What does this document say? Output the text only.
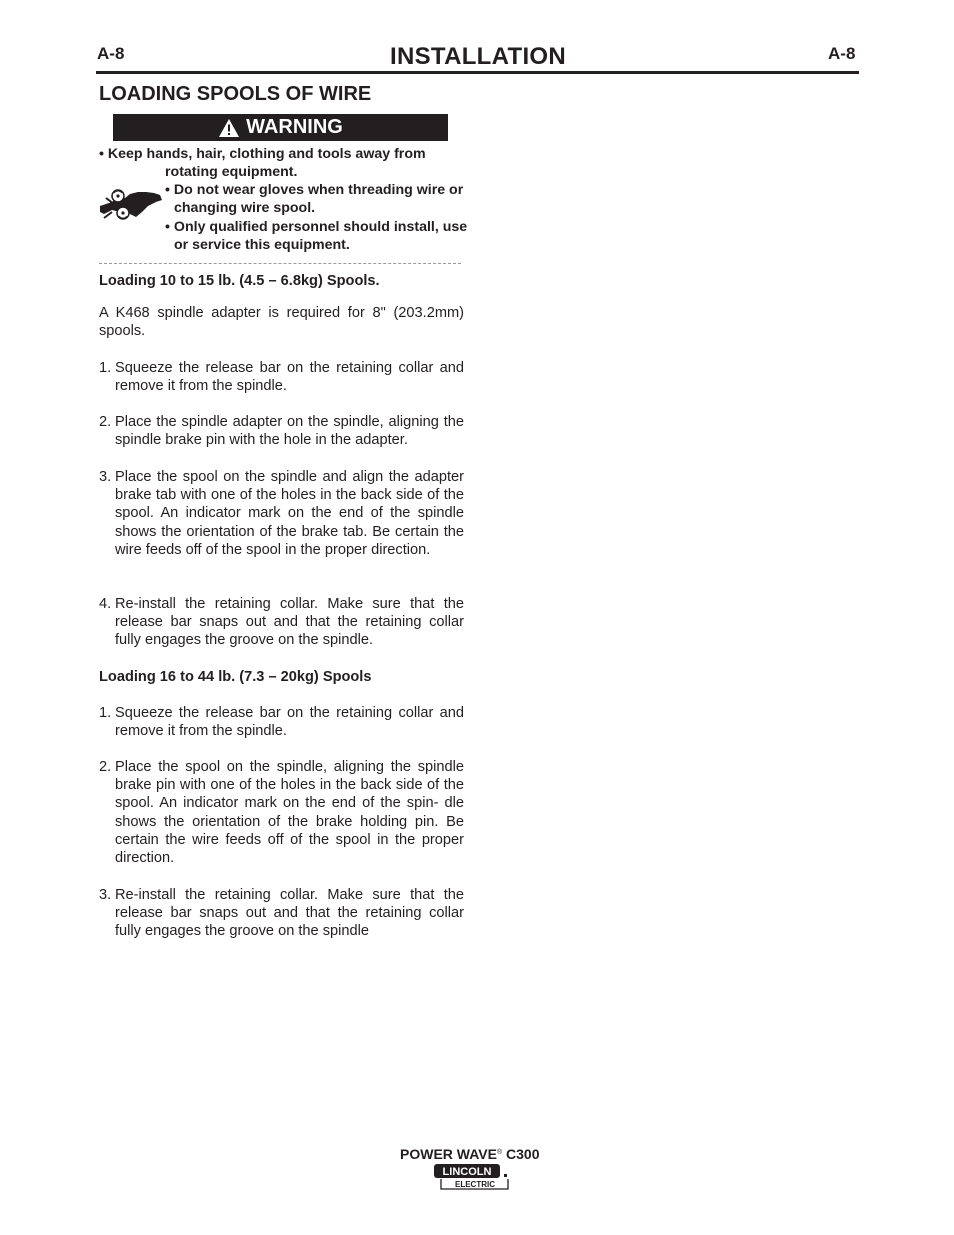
A-8	INSTALLATION	A-8
LOADING SPOOLS OF WIRE
WARNING
• Keep hands, hair, clothing and tools away from
rotating equipment.
• Do not wear gloves when threading wire or changing wire spool.
• Only qualified personnel should install, use or service this equipment.
Loading 10 to 15 lb. (4.5 – 6.8kg) Spools.
A K468 spindle adapter is required for 8" (203.2mm) spools.
1. Squeeze the release bar on the retaining collar and remove it from the spindle.
2. Place the spindle adapter on the spindle, aligning the spindle brake pin with the hole in the adapter.
3. Place the spool on the spindle and align the adapter brake tab with one of the holes in the back side of the spool. An indicator mark on the end of the spindle shows the orientation of the brake tab. Be certain the wire feeds off of the spool in the proper direction.
4. Re-install the retaining collar. Make sure that the release bar snaps out and that the retaining collar fully engages the groove on the spindle.
Loading 16 to 44 lb. (7.3 – 20kg) Spools
1. Squeeze the release bar on the retaining collar and remove it from the spindle.
2. Place the spool on the spindle, aligning the spindle brake pin with one of the holes in the back side of the spool. An indicator mark on the end of the spin- dle shows the orientation of the brake holding pin. Be certain the wire feeds off of the spool in the proper direction.
3. Re-install the retaining collar. Make sure that the release bar snaps out and that the retaining collar fully engages the groove on the spindle
POWER WAVE® C300
LINCOLN
ELECTRIC
